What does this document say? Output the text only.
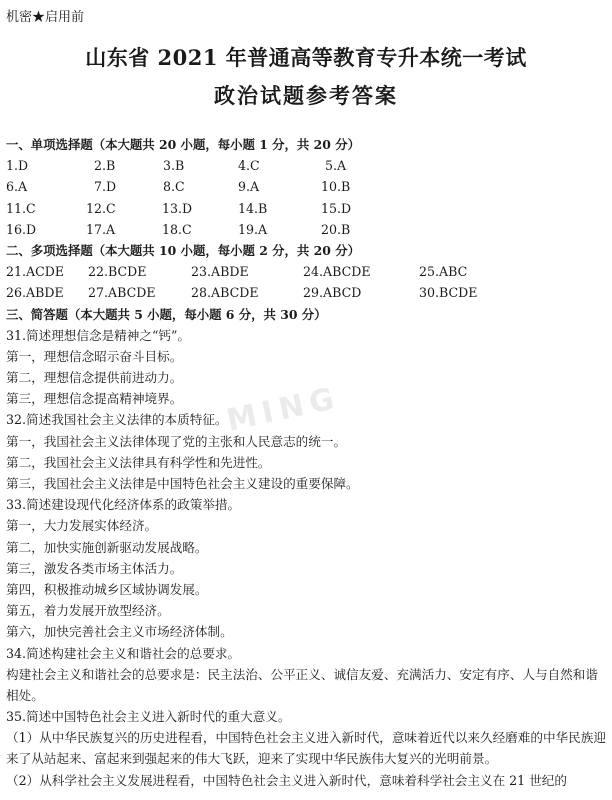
机密★启用前
山东省 2021 年普通高等教育专升本统一考试
政治试题参考答案
MING
一、单项选择题（本大题共 20 小题，每小题 1 分，共 20 分）
1.D	2.B	3.B	4.C	5.A
6.A	7.D	8.C	9.A	10.B
11.C	12.C	13.D	14.B	15.D
16.D	17.A	18.C	19.A	20.B
二、多项选择题（本大题共 10 小题，每小题 2 分，共 20 分）
21.ACDE	22.BCDE	23.ABDE	24.ABCDE	25.ABC
26.ABDE	27.ABCDE	28.ABCDE	29.ABCD	30.BCDE
三、简答题（本大题共 5 小题，每小题 6 分，共 30 分）
31.简述理想信念是精神之“钙”。
第一，理想信念昭示奋斗目标。
第二，理想信念提供前进动力。
第三，理想信念提高精神境界。
32.简述我国社会主义法律的本质特征。
第一，我国社会主义法律体现了党的主张和人民意志的统一。
第二，我国社会主义法律具有科学性和先进性。
第三，我国社会主义法律是中国特色社会主义建设的重要保障。
33.简述建设现代化经济体系的政策举措。
第一，大力发展实体经济。
第二，加快实施创新驱动发展战略。
第三，激发各类市场主体活力。
第四，积极推动城乡区域协调发展。
第五，着力发展开放型经济。
第六，加快完善社会主义市场经济体制。
34.简述构建社会主义和谐社会的总要求。
构建社会主义和谐社会的总要求是：民主法治、公平正义、诚信友爱、充满活力、安定有序、人与自然和谐相处。
35.简述中国特色社会主义进入新时代的重大意义。
（1）从中华民族复兴的历史进程看，中国特色社会主义进入新时代，意味着近代以来久经磨难的中华民族迎来了从站起来、富起来到强起来的伟大飞跃，迎来了实现中华民族伟大复兴的光明前景。
（2）从科学社会主义发展进程看，中国特色社会主义进入新时代，意味着科学社会主义在 21 世纪的
